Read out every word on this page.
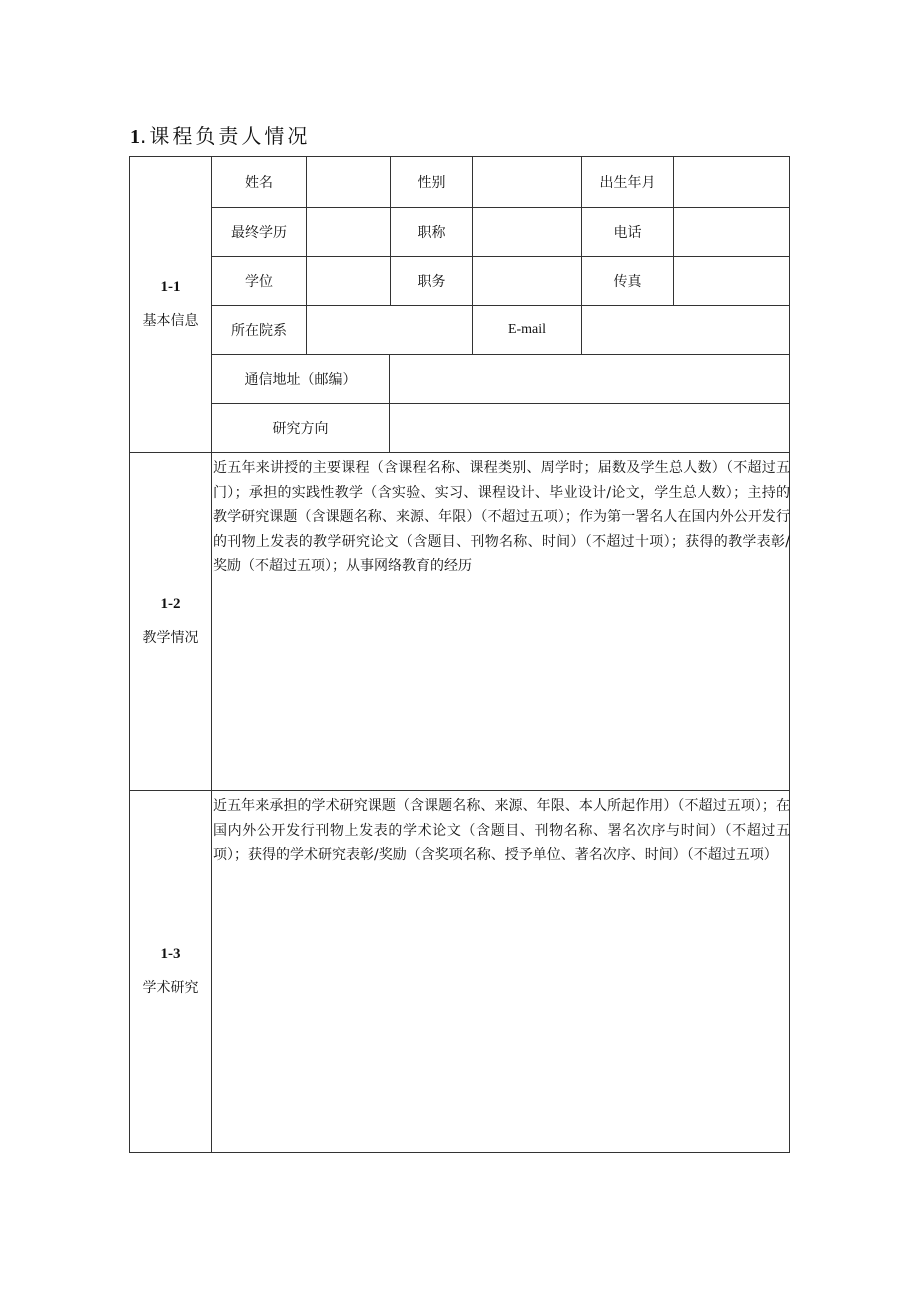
1.课程负责人情况
1-1
基本信息
姓名	性别	出生年月
最终学历	职称	电话
学位	职务	传真
所在院系	E-mail
通信地址（邮编）
研究方向
1-2
教学情况
近五年来讲授的主要课程（含课程名称、课程类别、周学时；届数及学生总人数）（不超过五门）；承担的实践性教学（含实验、实习、课程设计、毕业设计/论文，学生总人数）；主持的教学研究课题（含课题名称、来源、年限）（不超过五项）；作为第一署名人在国内外公开发行的刊物上发表的教学研究论文（含题目、刊物名称、时间）（不超过十项）；获得的教学表彰/奖励（不超过五项）；从事网络教育的经历
1-3
学术研究
近五年来承担的学术研究课题（含课题名称、来源、年限、本人所起作用）（不超过五项）；在国内外公开发行刊物上发表的学术论文（含题目、刊物名称、署名次序与时间）（不超过五项）；获得的学术研究表彰/奖励（含奖项名称、授予单位、著名次序、时间）（不超过五项）
